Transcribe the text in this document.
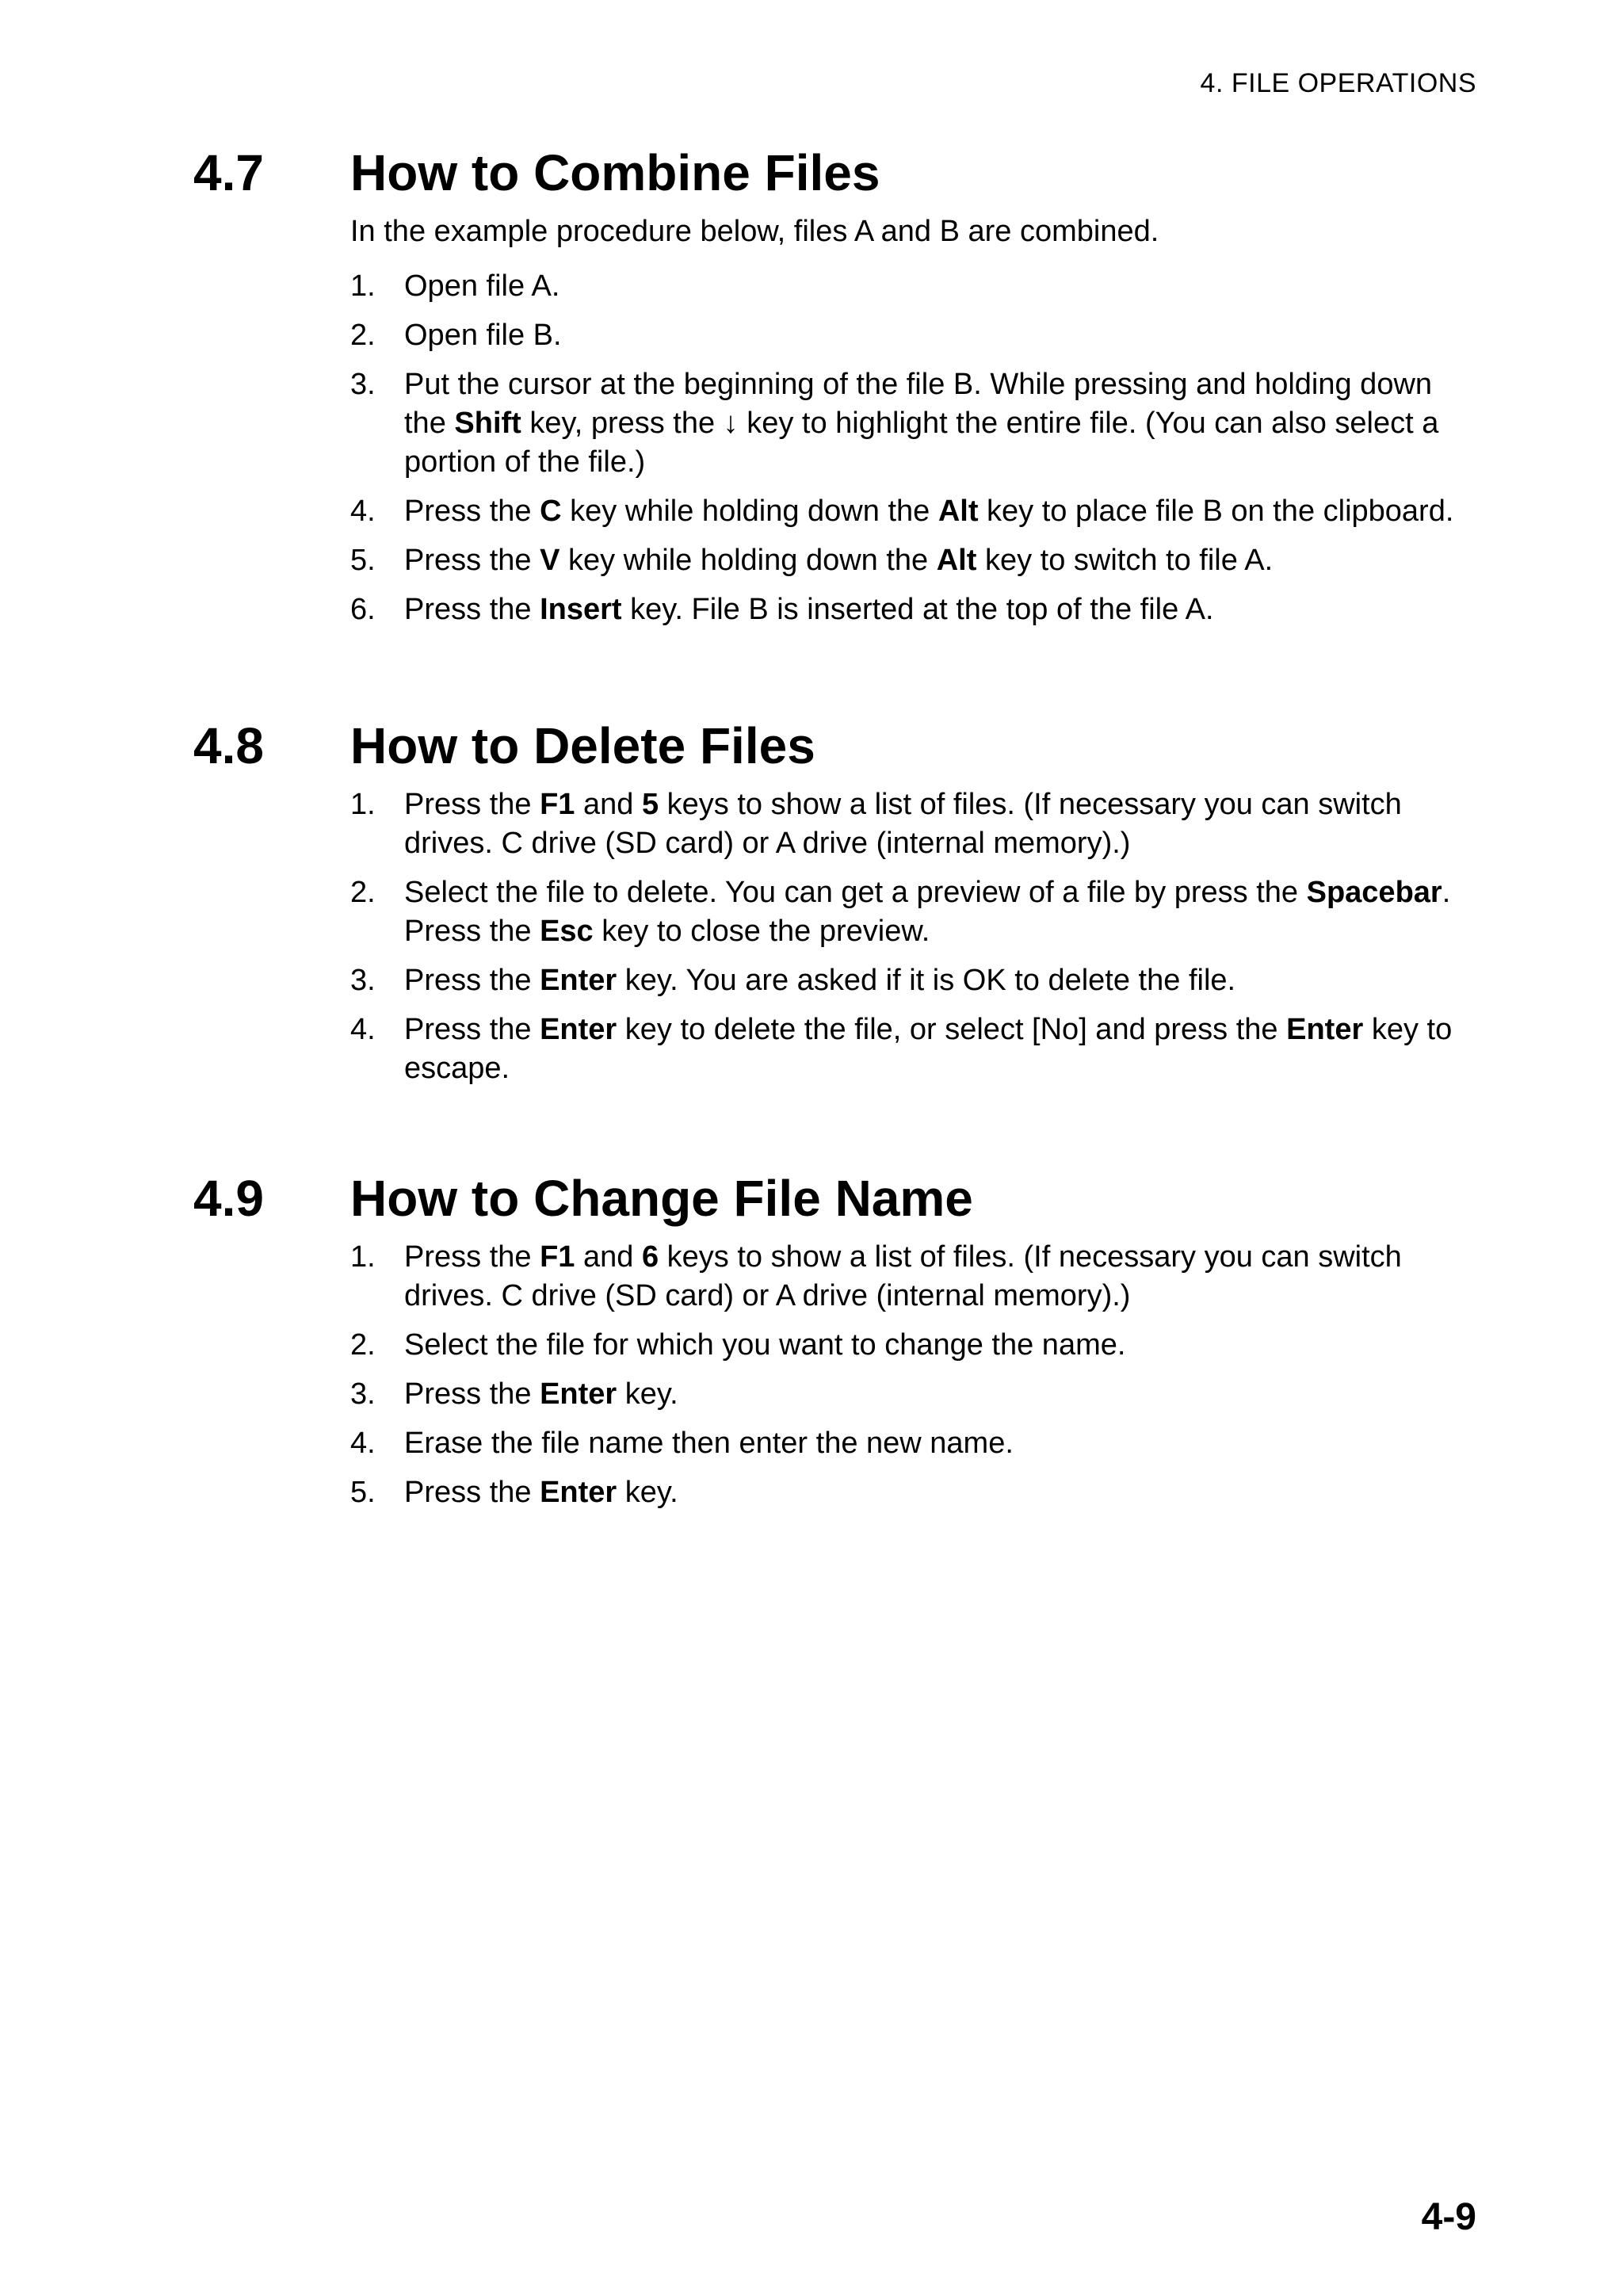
4. FILE OPERATIONS
4.7	How to Combine Files
In the example procedure below, files A and B are combined.
1. Open file A.
2. Open file B.
3. Put the cursor at the beginning of the file B. While pressing and holding down the Shift key, press the ↓ key to highlight the entire file. (You can also select a portion of the file.)
4. Press the C key while holding down the Alt key to place file B on the clipboard.
5. Press the V key while holding down the Alt key to switch to file A.
6. Press the Insert key. File B is inserted at the top of the file A.
4.8	How to Delete Files
1. Press the F1 and 5 keys to show a list of files. (If necessary you can switch drives. C drive (SD card) or A drive (internal memory).)
2. Select the file to delete. You can get a preview of a file by press the Spacebar. Press the Esc key to close the preview.
3. Press the Enter key. You are asked if it is OK to delete the file.
4. Press the Enter key to delete the file, or select [No] and press the Enter key to escape.
4.9	How to Change File Name
1. Press the F1 and 6 keys to show a list of files. (If necessary you can switch drives. C drive (SD card) or A drive (internal memory).)
2. Select the file for which you want to change the name.
3. Press the Enter key.
4. Erase the file name then enter the new name.
5. Press the Enter key.
4-9
